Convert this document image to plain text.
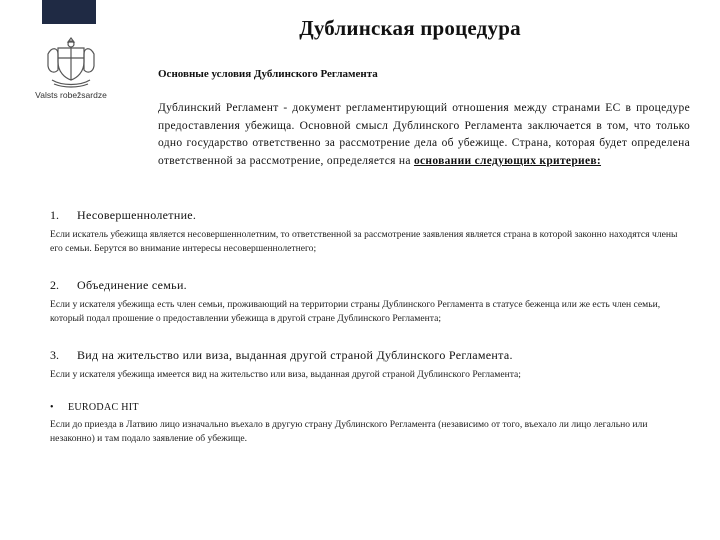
Valsts robežsardze
Дублинская процедура
Основные условия Дублинского Регламента
Дублинский Регламент - документ регламентирующий отношения между странами ЕС в процедуре предоставления убежища. Основной смысл Дублинского Регламента заключается в том, что только одно государство ответственно за рассмотрение дела об убежище. Страна, которая будет определена ответственной за рассмотрение, определяется на основании следующих критериев:
1.	Несовершеннолетние.
Если искатель убежища является несовершеннолетним, то ответственной за рассмотрение заявления является страна в которой законно находятся члены его семьи. Берутся во внимание интересы несовершеннолетнего;
2.	Объединение семьи.
Если у искателя убежища есть член семьи, проживающий на территории страны Дублинского Регламента в статусе беженца или же есть член семьи, который подал прошение о предоставлении убежища в другой стране Дублинского Регламента;
3.	Вид на жительство или виза, выданная другой страной Дублинского Регламента.
Если у искателя убежища имеется вид на жительство или виза, выданная другой страной Дублинского Регламента;
•	EURODAC HIT
Если до приезда в Латвию лицо изначально въехало в другую страну Дублинского Регламента (независимо от того, въехало ли лицо легально или незаконно) и там подало заявление об убежище.
